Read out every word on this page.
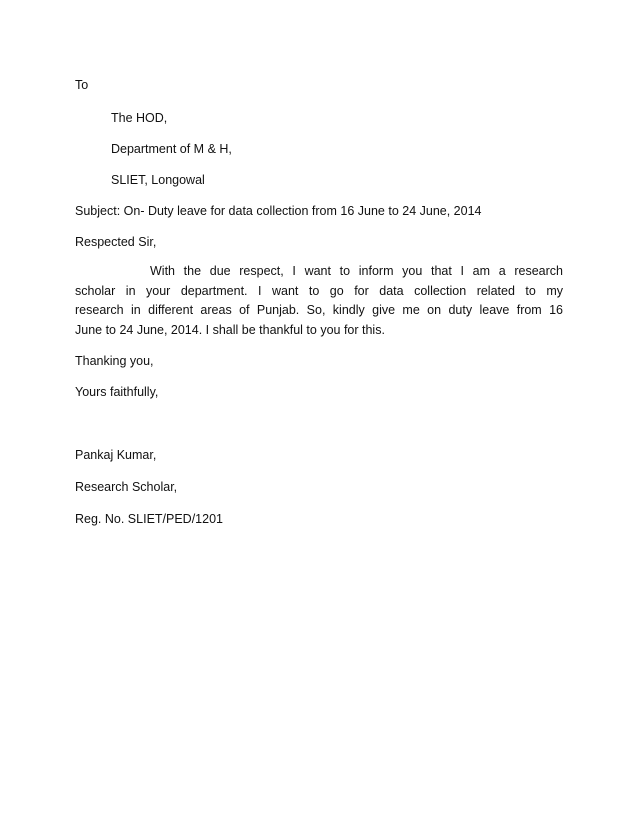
To
The HOD,
Department of M & H,
SLIET, Longowal
Subject: On- Duty leave for data collection from 16 June to 24 June, 2014
Respected Sir,
With the due respect, I want to inform you that I am a research
scholar in your department. I want to go for data collection related to my
research in different areas of Punjab. So, kindly give me on duty leave from 16
June to 24 June, 2014. I shall be thankful to you for this.
Thanking you,
Yours faithfully,
Pankaj Kumar,
Research Scholar,
Reg. No. SLIET/PED/1201
